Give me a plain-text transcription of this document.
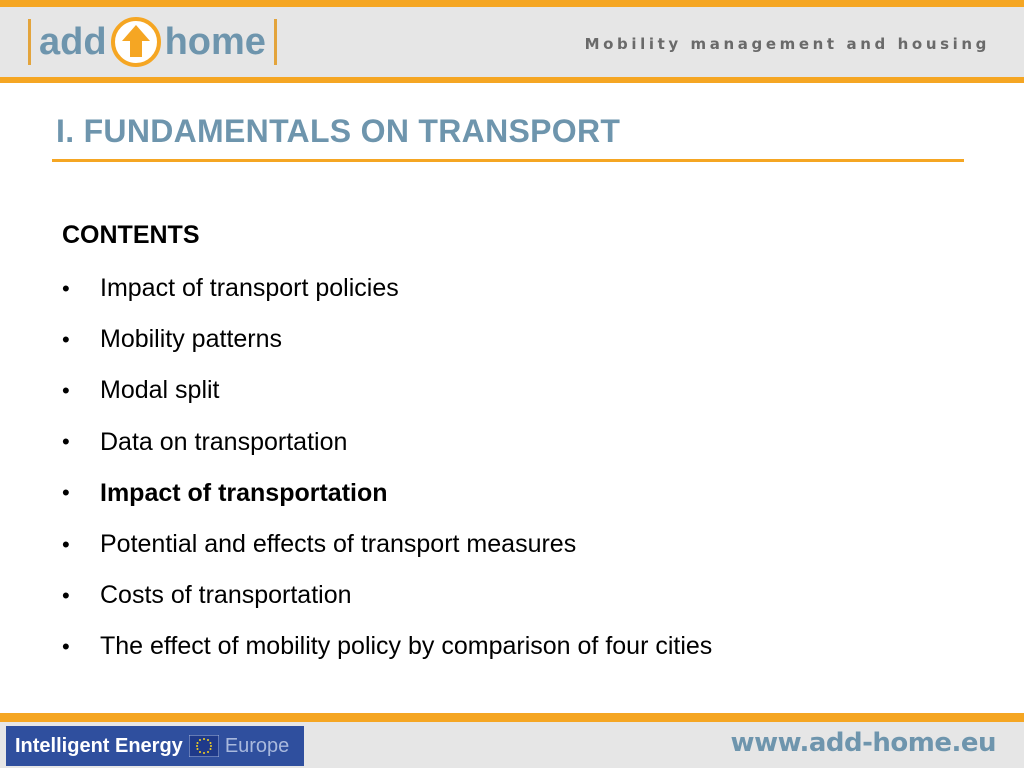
add home	Mobility management and housing
I. FUNDAMENTALS ON TRANSPORT
CONTENTS
•	Impact of transport policies
•	Mobility patterns
•	Modal split
•	Data on transportation
•	Impact of transportation
•	Potential and effects of transport measures
•	Costs of transportation
•	The effect of mobility policy by comparison of four cities
Intelligent Energy Europe	www.add-home.eu
